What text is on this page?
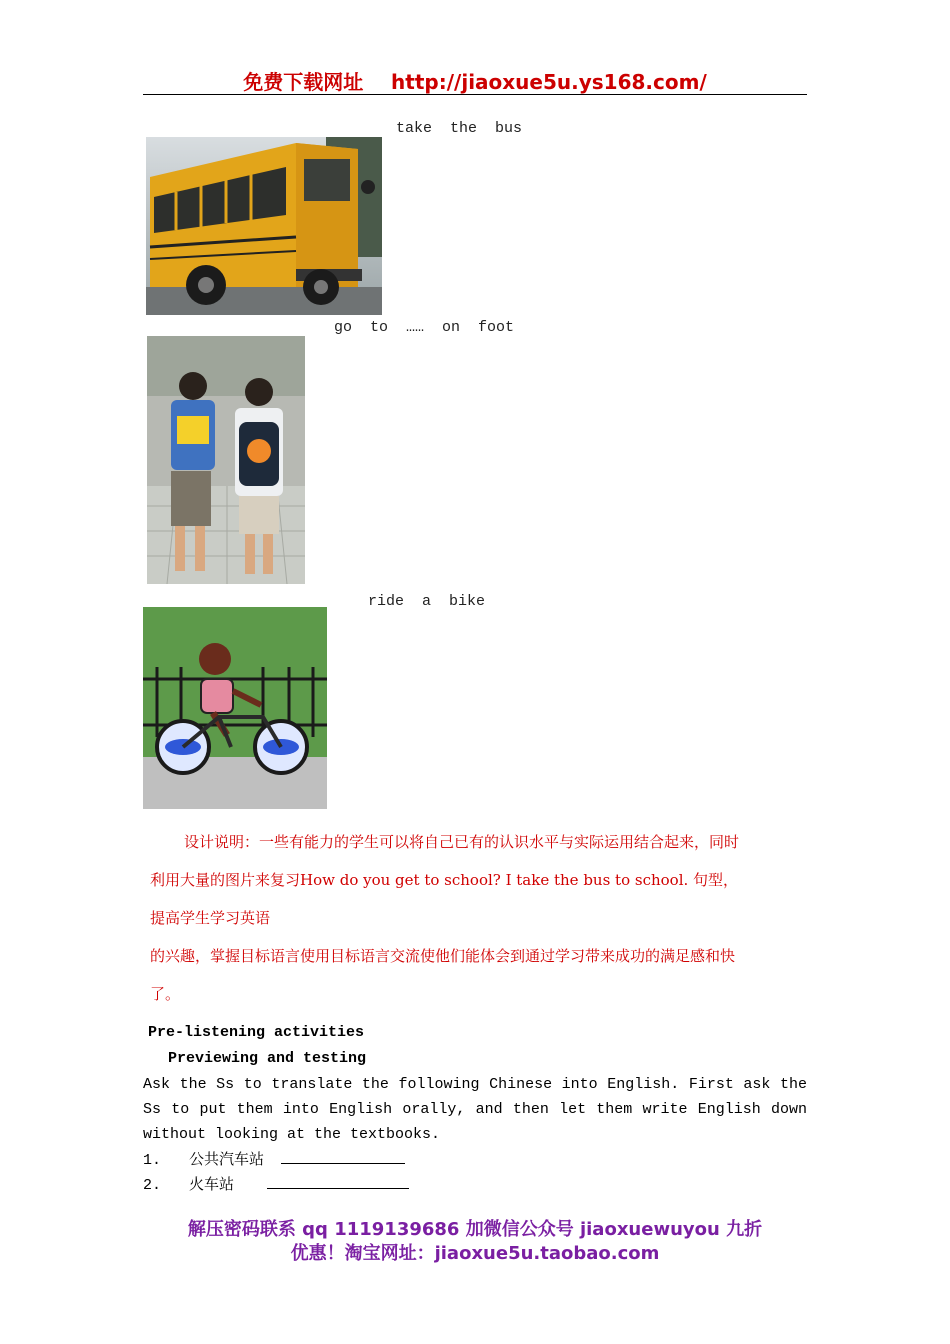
免费下载网址    http://jiaoxue5u.ys168.com/
take  the  bus
go  to  ……  on  foot
ride  a  bike
设计说明：一些有能力的学生可以将自己已有的认识水平与实际运用结合起来，同时
利用大量的图片来复习How do you get to school? I take the bus to school. 句型，
提高学生学习英语
的兴趣，掌握目标语言使用目标语言交流使他们能体会到通过学习带来成功的满足感和快
了。
Pre-listening activities
Previewing and testing
Ask the Ss to translate the following Chinese into English. First ask the Ss to put them into English orally, and then let them write English down without looking at the textbooks.
1. 公共汽车站
2. 火车站
解压密码联系 qq 1119139686 加微信公众号 jiaoxuewuyou 九折
优惠！淘宝网址：jiaoxue5u.taobao.com
